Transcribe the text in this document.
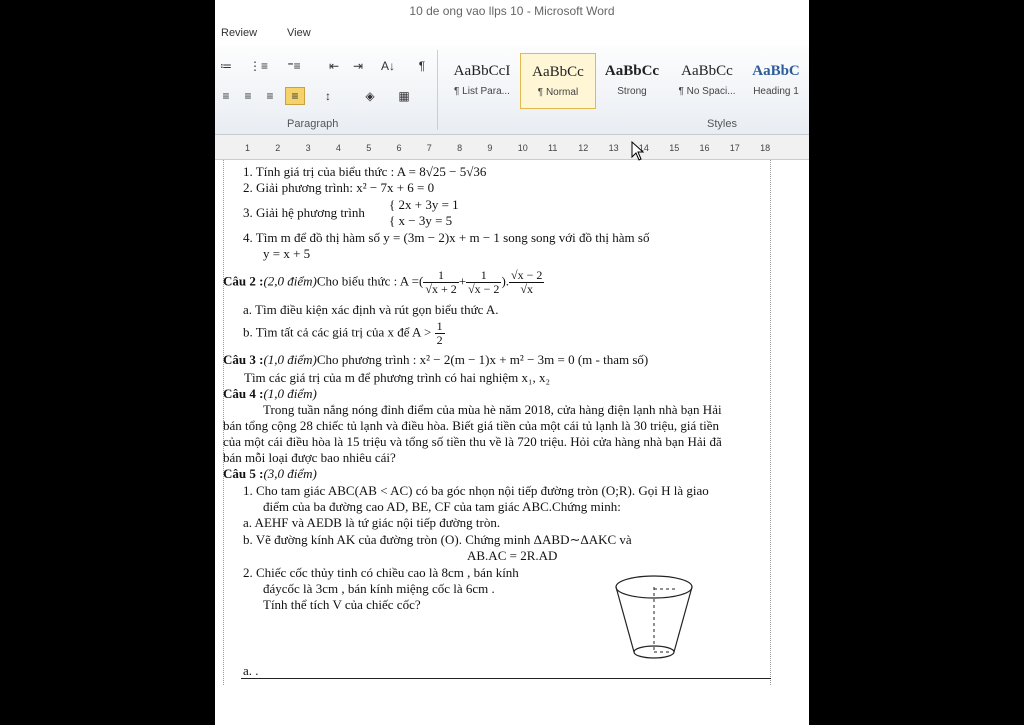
10 de ong vao llps 10 - Microsoft Word
Review	View
≔ ⋮≡ ⁼≡	⇤	⇥	A↓	¶
≡	≡	≡	≡	↕	◈	▦
Paragraph
AaBbCcI
¶ List Para...
AaBbCc
¶ Normal
AaBbCc
Strong
AaBbCc
¶ No Spaci...
AaBbC
Heading 1
Styles
1	2	3	4	5	6	7	8	9	10 11 12 13 14 15 16 17 18
1. Tính giá trị của biểu thức : A = 8√25 − 5√36
2. Giải phương trình: x² − 7x + 6 = 0
3. Giải hệ phương trình
{ 2x + 3y = 1
{ x − 3y = 5
4. Tìm m để đồ thị hàm số y = (3m − 2)x + m − 1 song song với đồ thị hàm số
y = x + 5
Câu 2 :(2,0 điểm)Cho biểu thức : A =( $\frac{1}{√x + 2} + \frac{1}{√x - 2}$ ). $\frac{√x - 2}{√x}$
a. Tìm điều kiện xác định và rút gọn biểu thức A.
b. Tìm tất cả các giá trị của x để $A > \frac{1}{2}$
Câu 3 :(1,0 điểm)Cho phương trình : x² − 2(m − 1)x + m² − 3m = 0 (m - tham số)
Tìm các giá trị của m để phương trình có hai nghiệm x₁, x₂
Câu 4 :(1,0 điểm)
Trong tuần nắng nóng đỉnh điểm của mùa hè năm 2018, cửa hàng điện lạnh nhà bạn Hải
bán tổng cộng 28 chiếc tủ lạnh và điều hòa. Biết giá tiền của một cái tủ lạnh là 30 triệu, giá tiền
của một cái điều hòa là 15 triệu và tổng số tiền thu về là 720 triệu. Hỏi cửa hàng nhà bạn Hải đã
bán mỗi loại được bao nhiêu cái?
Câu 5 :(3,0 điểm)
1. Cho tam giác ABC(AB < AC) có ba góc nhọn nội tiếp đường tròn (O;R). Gọi H là giao
điểm của ba đường cao AD, BE, CF của tam giác ABC.Chứng minh:
a. AEHF và AEDB là tứ giác nội tiếp đường tròn.
b. Vẽ đường kính AK của đường tròn (O). Chứng minh ΔABD∼ΔAKC và
AB.AC = 2R.AD
2. Chiếc cốc thủy tinh có chiều cao là 8cm , bán kính
đáycốc là 3cm , bán kính miệng cốc là 6cm .
Tính thể tích V của chiếc cốc?
a. .
